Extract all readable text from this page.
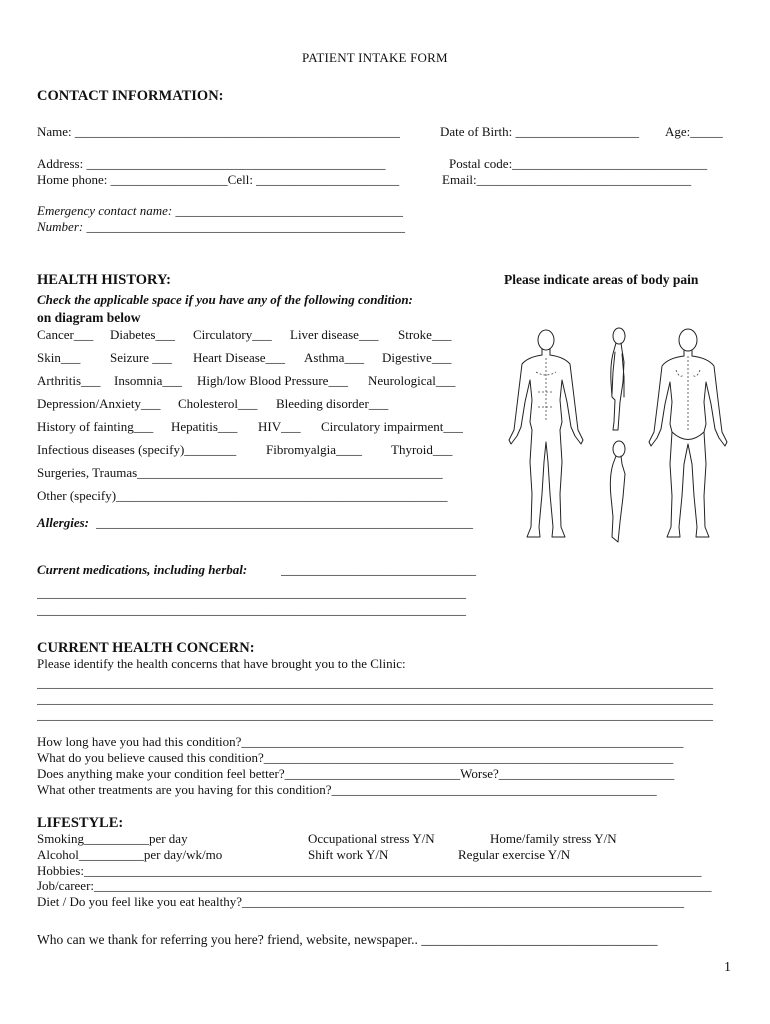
PATIENT INTAKE FORM
CONTACT INFORMATION:
Name: __________________________________________________	Date of Birth: ___________________	Age:_____
Address: ______________________________________________	Postal code:______________________________
Home phone: __________________Cell: ______________________	Email:_________________________________
Emergency contact name: ___________________________________
Number: _________________________________________________
HEALTH HISTORY:	Please indicate areas of body pain
Check the applicable space if you have any of the following condition:
on diagram below
Cancer___ Diabetes___ Circulatory___ Liver disease___ Stroke___
Skin___ Seizure ___ Heart Disease___ Asthma___ Digestive___
Arthritis___ Insomnia___ High/low Blood Pressure___ Neurological___
Depression/Anxiety___ Cholesterol___ Bleeding disorder___
History of fainting___ Hepatitis___ HIV___ Circulatory impairment___
Infectious diseases (specify)________ Fibromyalgia____ Thyroid___
Surgeries, Traumas_______________________________________________
Other (specify)___________________________________________________
Allergies: __________________________________________________________
Current medications, including herbal:	______________________________
__________________________________________________________________
__________________________________________________________________
CURRENT HEALTH CONCERN:
Please identify the health concerns that have brought you to the Clinic:
________________________________________________________________________________________________________
________________________________________________________________________________________________________
________________________________________________________________________________________________________
How long have you had this condition?____________________________________________________________________
What do you believe caused this condition?_______________________________________________________________
Does anything make your condition feel better?___________________________Worse?___________________________
What other treatments are you having for this condition?__________________________________________________
LIFESTYLE:
Smoking__________per day	Occupational stress Y/N	Home/family stress Y/N
Alcohol__________per day/wk/mo	Shift work Y/N	Regular exercise Y/N
Hobbies:_______________________________________________________________________________________________
Job/career:_______________________________________________________________________________________________
Diet / Do you feel like you eat healthy?____________________________________________________________________
Who can we thank for referring you here? friend, website, newspaper.. ___________________________________
1
